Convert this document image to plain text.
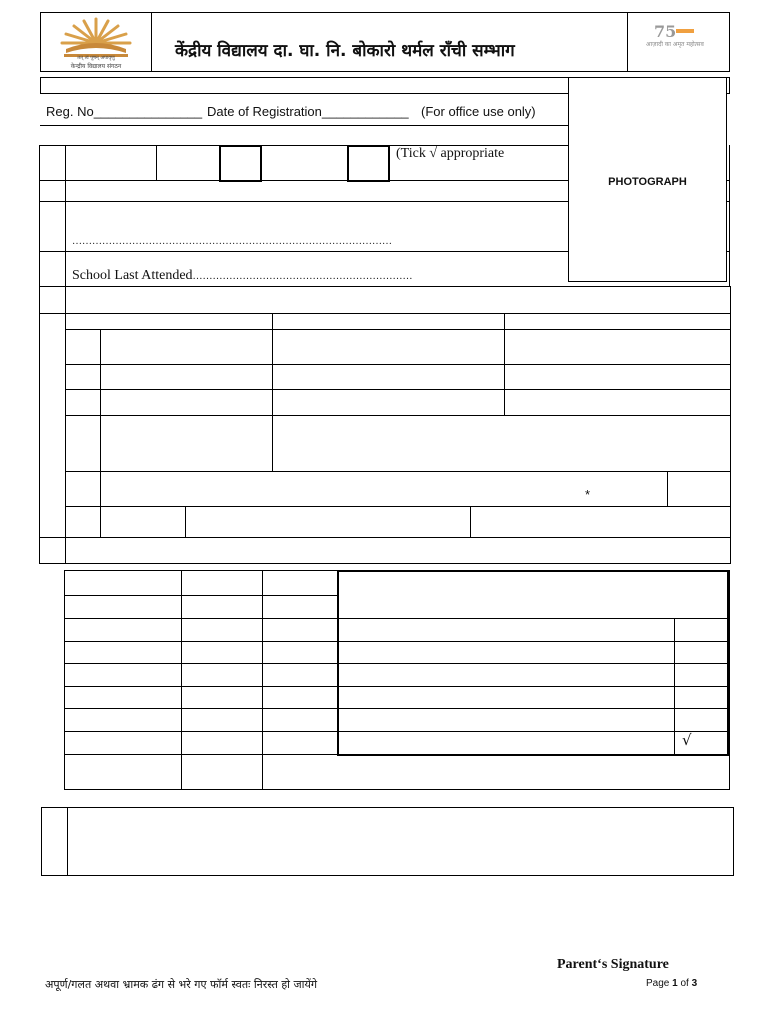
तत् त्वं पूषन् अपावृणु
केन्द्रीय विद्यालय संगठन
केंद्रीय विद्यालय दा. घा. नि. बोकारो थर्मल राँची सम्भाग
75
आज़ादी का अमृत महोत्सव
Reg. No_______________ Date of Registration____________ (For office use only)
PHOTOGRAPH
(Tick √ appropriate
……………………………………………………………………………………
School Last Attended…………………………………………………………
*
√
Parent‘s Signature
अपूर्ण/गलत अथवा भ्रामक ढंग से भरे गए फॉर्म स्वतः निरस्त हो जायेंगे	Page 1 of 3
